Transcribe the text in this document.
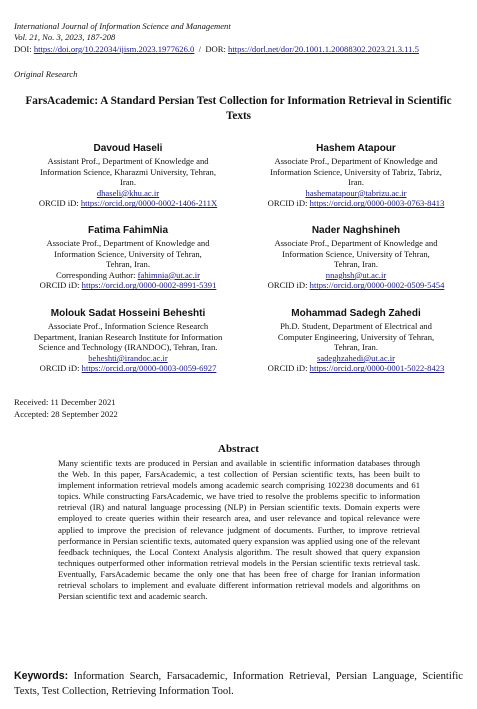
International Journal of Information Science and Management
Vol. 21, No. 3, 2023, 187-208
DOI: https://doi.org/10.22034/ijism.2023.1977626.0 / DOR: https://dorl.net/dor/20.1001.1.20088302.2023.21.3.11.5
Original Research
FarsAcademic: A Standard Persian Test Collection for Information Retrieval in Scientific Texts
Davoud Haseli
Assistant Prof., Department of Knowledge and
Information Science, Kharazmi University, Tehran,
Iran.
dhaseli@khu.ac.ir
ORCID iD: https://orcid.org/0000-0002-1406-211X
Hashem Atapour
Associate Prof., Department of Knowledge and
Information Science, University of Tabriz, Tabriz,
Iran.
hashematapour@tabrizu.ac.ir
ORCID iD: https://orcid.org/0000-0003-0763-8413
Fatima FahimNia
Associate Prof., Department of Knowledge and
Information Science, University of Tehran,
Tehran, Iran.
Corresponding Author: fahimnia@ut.ac.ir
ORCID iD: https://orcid.org/0000-0002-8991-5391
Nader Naghshineh
Associate Prof., Department of Knowledge and
Information Science, University of Tehran,
Tehran, Iran.
nnaghsh@ut.ac.ir
ORCID iD: https://orcid.org/0000-0002-0509-5454
Molouk Sadat Hosseini Beheshti
Associate Prof., Information Science Research
Department, Iranian Research Institute for Information
Science and Technology (IRANDOC), Tehran, Iran.
beheshti@irandoc.ac.ir
ORCID iD: https://orcid.org/0000-0003-0059-6927
Mohammad Sadegh Zahedi
Ph.D. Student, Department of Electrical and
Computer Engineering, University of Tehran,
Tehran, Iran.
sadeghzahedi@ut.ac.ir
ORCID iD: https://orcid.org/0000-0001-5022-8423
Received: 11 December 2021
Accepted: 28 September 2022
Abstract
Many scientific texts are produced in Persian and available in scientific information databases through the Web. In this paper, FarsAcademic, a test collection of Persian scientific texts, has been built to implement information retrieval models among academic search comprising 102238 documents and 61 topics. While constructing FarsAcademic, we have tried to resolve the problems specific to information retrieval (IR) and natural language processing (NLP) in Persian scientific texts. Domain experts were employed to create queries within their research area, and user relevance and topical relevance were applied to improve the precision of relevance judgment of documents. Further, to improve retrieval performance in Persian scientific texts, automated query expansion was applied using one of the relevant feedback techniques, the Local Context Analysis algorithm. The result showed that query expansion techniques outperformed other information retrieval models in the Persian scientific texts retrieval task. Eventually, FarsAcademic became the only one that has been free of charge for Iranian information retrieval scholars to implement and evaluate different information retrieval models and algorithms on Persian scientific text and academic search.
Keywords: Information Search, Farsacademic, Information Retrieval, Persian Language, Scientific Texts, Test Collection, Retrieving Information Tool.
